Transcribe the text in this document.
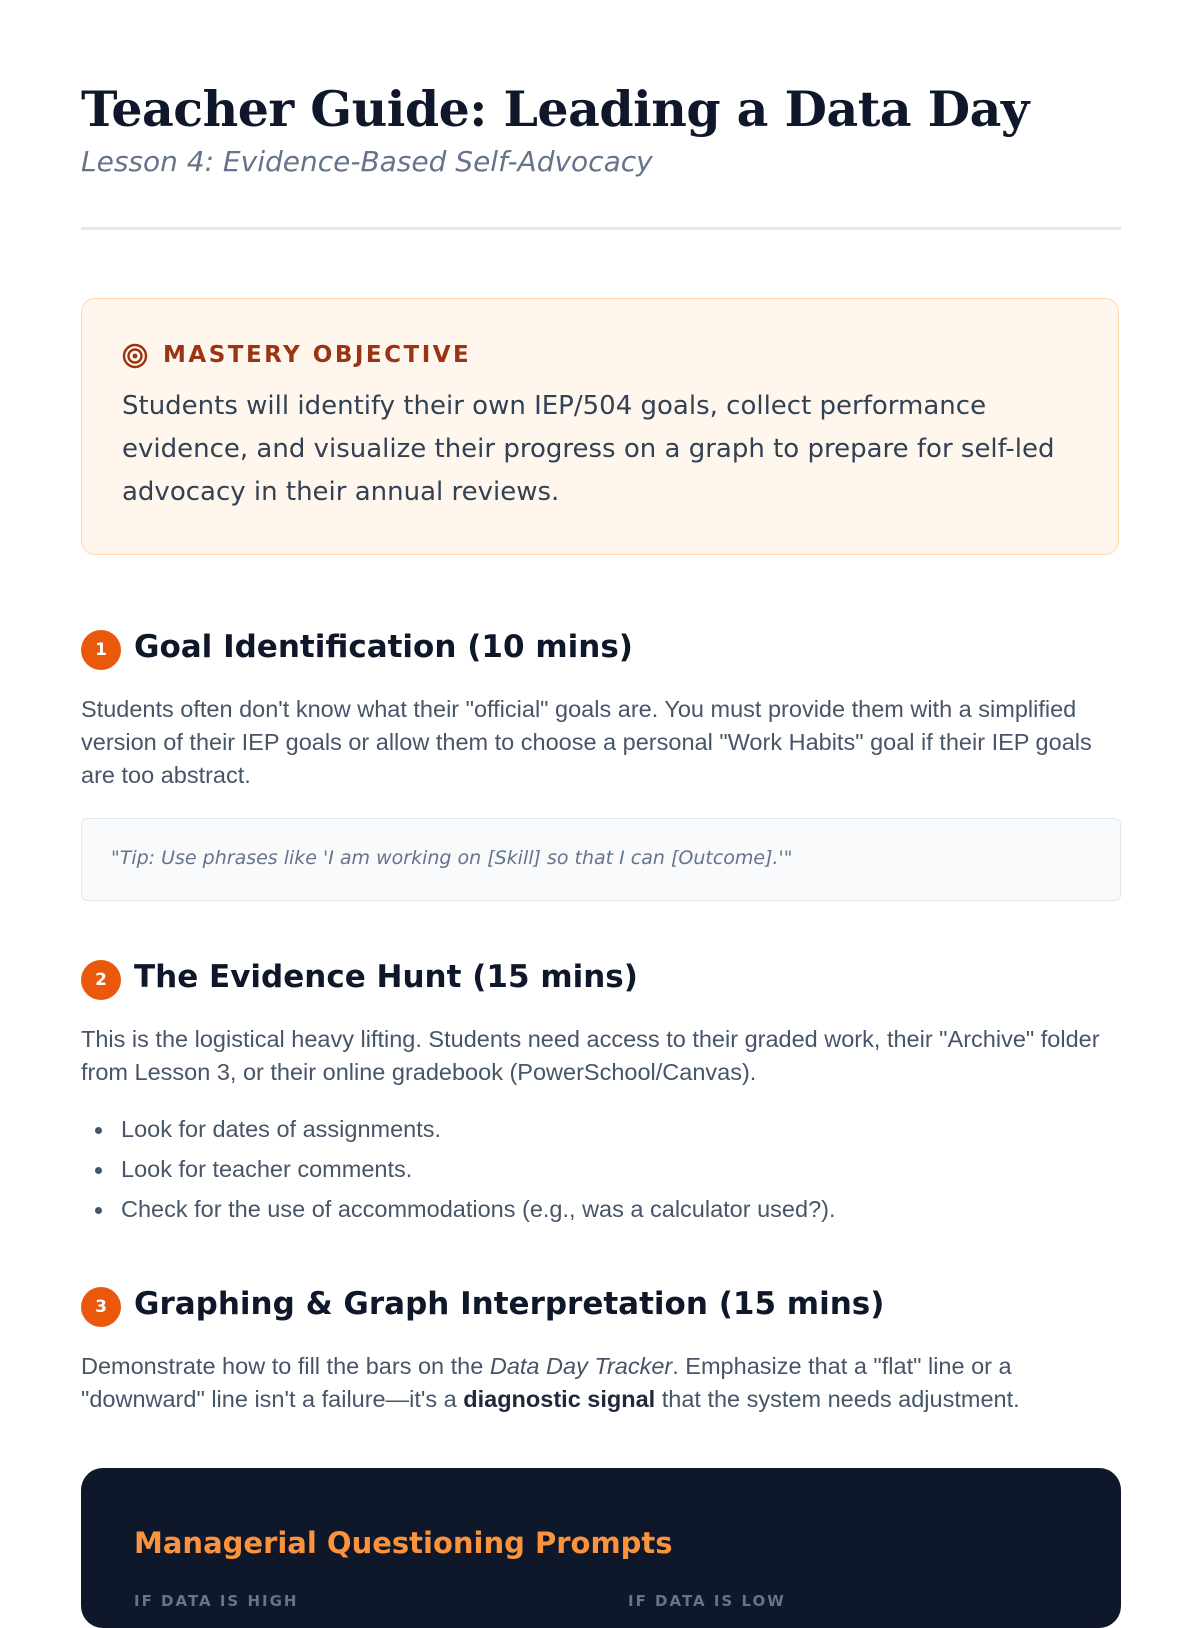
Teacher Guide: Leading a Data Day

Lesson 4: Evidence-Based Self-Advocacy

MASTERY OBJECTIVE

Students will identify their own IEP/504 goals, collect performance evidence, and visualize their progress on a graph to prepare for self-led advocacy in their annual reviews.

1 Goal Identification (10 mins)

Students often don't know what their "official" goals are. You must provide them with a simplified version of their IEP goals or allow them to choose a personal "Work Habits" goal if their IEP goals are too abstract.

"Tip: Use phrases like 'I am working on [Skill] so that I can [Outcome].'"
2 The Evidence Hunt (15 mins)

This is the logistical heavy lifting. Students need access to their graded work, their "Archive" folder from Lesson 3, or their online gradebook (PowerSchool/Canvas).

Look for dates of assignments.
Look for teacher comments.
Check for the use of accommodations (e.g., was a calculator used?).
3 Graphing & Graph Interpretation (15 mins)

Demonstrate how to fill the bars on the Data Day Tracker. Emphasize that a "flat" line or a "downward" line isn't a failure—it's a diagnostic signal that the system needs adjustment.

Managerial Questioning Prompts
IF DATA IS HIGH	IF DATA IS LOW
